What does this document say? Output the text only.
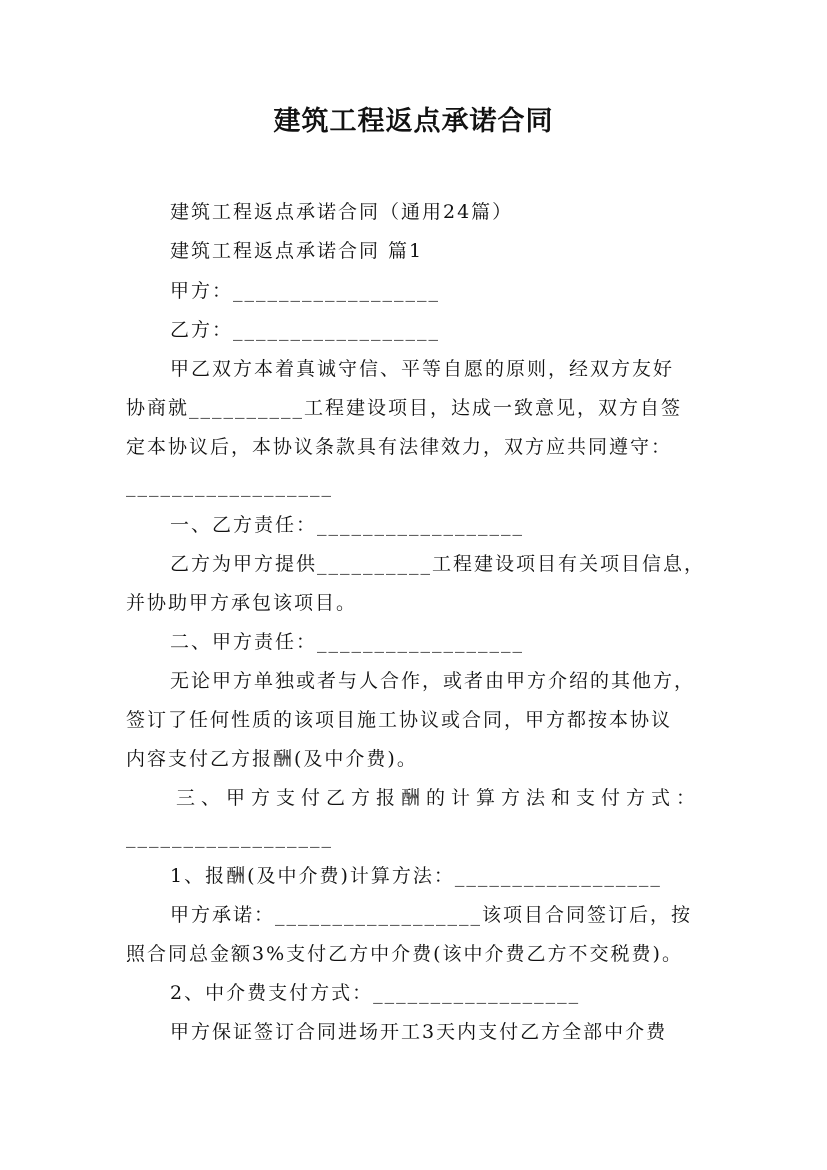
建筑工程返点承诺合同
建筑工程返点承诺合同（通用24篇）
建筑工程返点承诺合同 篇1
甲方：__________________
乙方：__________________
甲乙双方本着真诚守信、平等自愿的原则，经双方友好
协商就__________工程建设项目，达成一致意见，双方自签
定本协议后，本协议条款具有法律效力，双方应共同遵守：
__________________
一、乙方责任：__________________
乙方为甲方提供__________工程建设项目有关项目信息，
并协助甲方承包该项目。
二、甲方责任：__________________
无论甲方单独或者与人合作，或者由甲方介绍的其他方，
签订了任何性质的该项目施工协议或合同，甲方都按本协议
内容支付乙方报酬(及中介费)。
三、甲方支付乙方报酬的计算方法和支付方式：
__________________
1、报酬(及中介费)计算方法：__________________
甲方承诺：__________________该项目合同签订后，按
照合同总金额3%支付乙方中介费(该中介费乙方不交税费)。
2、中介费支付方式：__________________
甲方保证签订合同进场开工3天内支付乙方全部中介费
